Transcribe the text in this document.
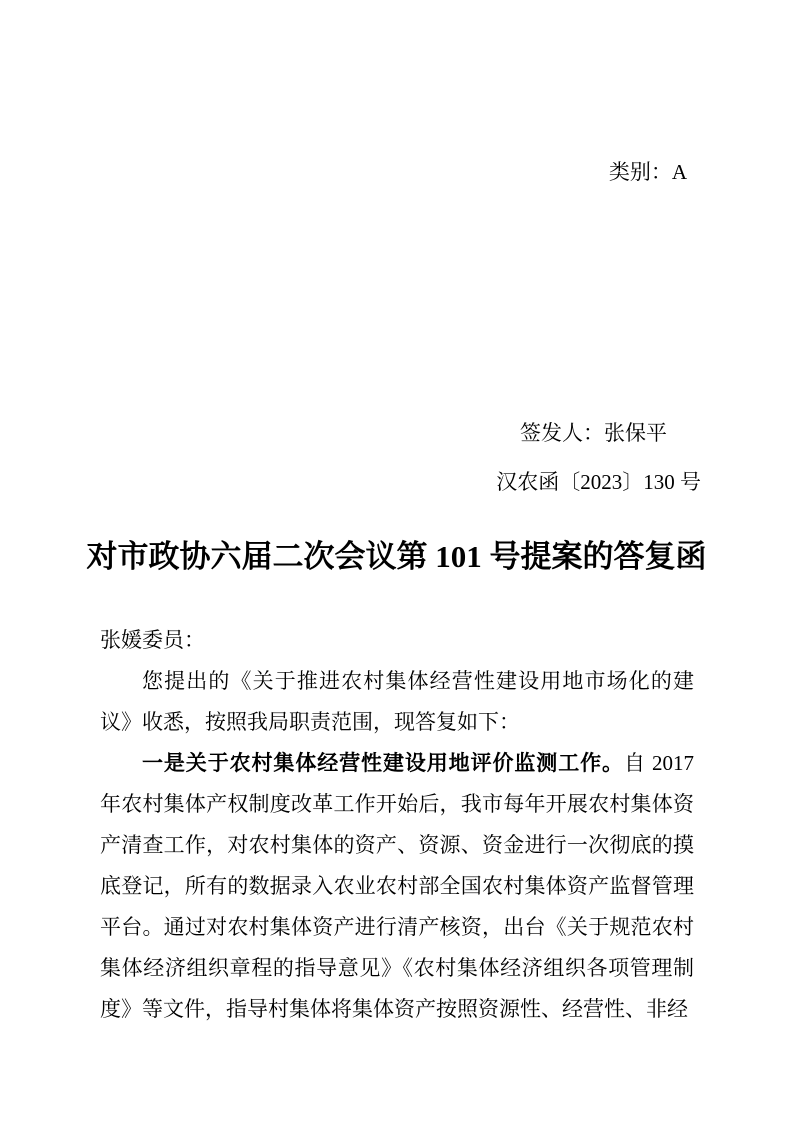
类别：A
签发人：张保平
汉农函〔2023〕130 号
对市政协六届二次会议第 101 号提案的答复函

张媛委员：

您提出的《关于推进农村集体经营性建设用地市场化的建议》收悉，按照我局职责范围，现答复如下：

一是关于农村集体经营性建设用地评价监测工作。自 2017 年农村集体产权制度改革工作开始后，我市每年开展农村集体资产清查工作，对农村集体的资产、资源、资金进行一次彻底的摸底登记，所有的数据录入农业农村部全国农村集体资产监督管理平台。通过对农村集体资产进行清产核资，出台《关于规范农村集体经济组织章程的指导意见》《农村集体经济组织各项管理制度》等文件，指导村集体将集体资产按照资源性、经营性、非经
